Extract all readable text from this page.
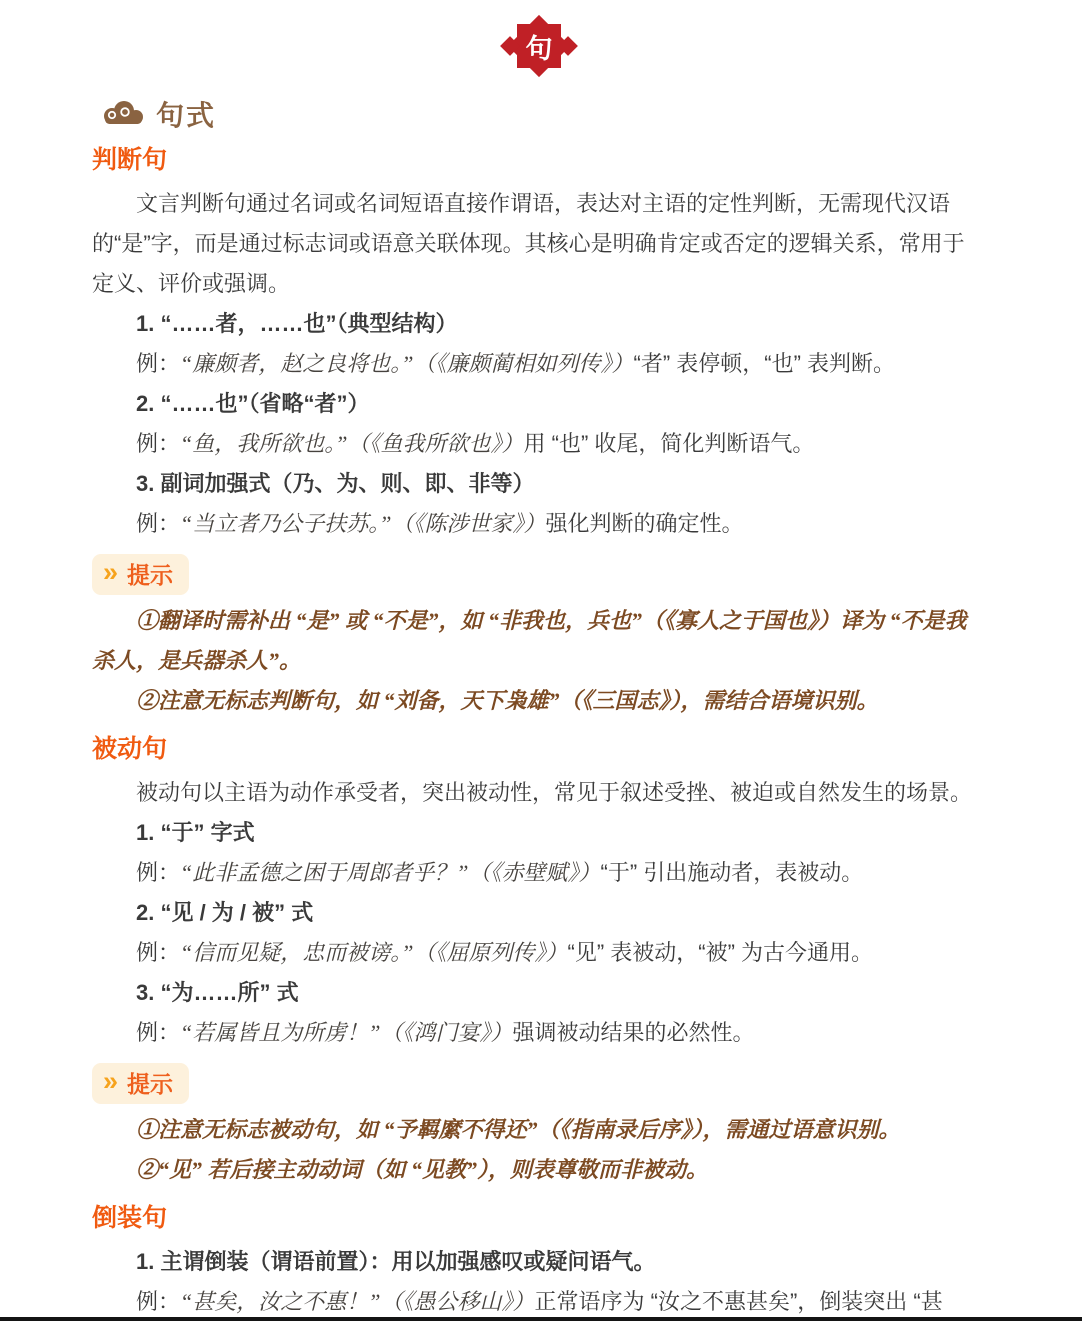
句
句式
判断句

文言判断句通过名词或名词短语直接作谓语，表达对主语的定性判断，无需现代汉语的“是”字，而是通过标志词或语意关联体现。其核心是明确肯定或否定的逻辑关系，常用于定义、评价或强调。

1. “……者，……也”（典型结构）

例：“廉颇者，赵之良将也。”（《廉颇蔺相如列传》）“者” 表停顿，“也” 表判断。

2. “……也”（省略“者”）

例：“鱼，我所欲也。”（《鱼我所欲也》）用 “也” 收尾，简化判断语气。

3. 副词加强式（乃、为、则、即、非等）

例：“当立者乃公子扶苏。”（《陈涉世家》）强化判断的确定性。

» 提示

①翻译时需补出 “是” 或 “不是”，如 “非我也，兵也”（《寡人之于国也》）译为 “不是我杀人，是兵器杀人”。

②注意无标志判断句，如 “刘备，天下枭雄”（《三国志》），需结合语境识别。

被动句

被动句以主语为动作承受者，突出被动性，常见于叙述受挫、被迫或自然发生的场景。

1. “于” 字式

例：“此非孟德之困于周郎者乎？”（《赤壁赋》）“于” 引出施动者，表被动。

2. “见 / 为 / 被” 式

例：“信而见疑，忠而被谤。”（《屈原列传》）“见” 表被动，“被” 为古今通用。

3. “为……所” 式

例：“若属皆且为所虏！”（《鸿门宴》）强调被动结果的必然性。

» 提示

①注意无标志被动句，如 “予羁縻不得还”（《指南录后序》），需通过语意识别。

②“见” 若后接主动动词（如 “见教”），则表尊敬而非被动。

倒装句

1. 主谓倒装（谓语前置）：用以加强感叹或疑问语气。

例：“甚矣，汝之不惠！”（《愚公移山》）正常语序为 “汝之不惠甚矣”，倒装突出 “甚
